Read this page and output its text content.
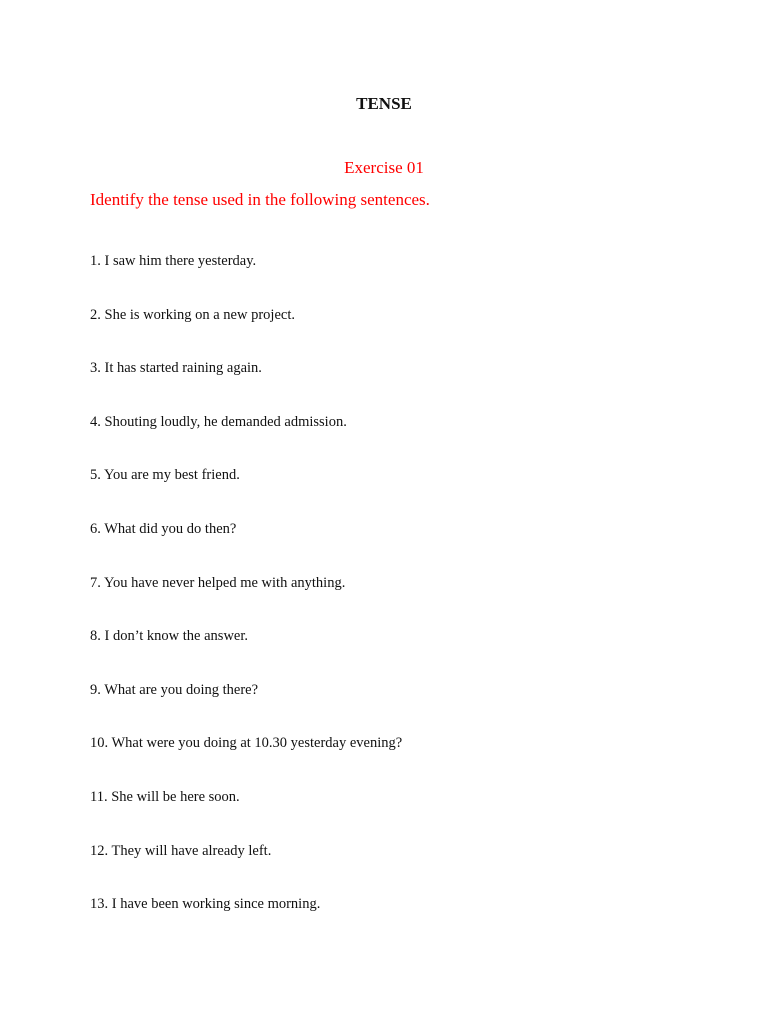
TENSE
Exercise 01
Identify the tense used in the following sentences.
1. I saw him there yesterday.
2. She is working on a new project.
3. It has started raining again.
4. Shouting loudly, he demanded admission.
5. You are my best friend.
6. What did you do then?
7. You have never helped me with anything.
8. I don’t know the answer.
9. What are you doing there?
10. What were you doing at 10.30 yesterday evening?
11. She will be here soon.
12. They will have already left.
13. I have been working since morning.
